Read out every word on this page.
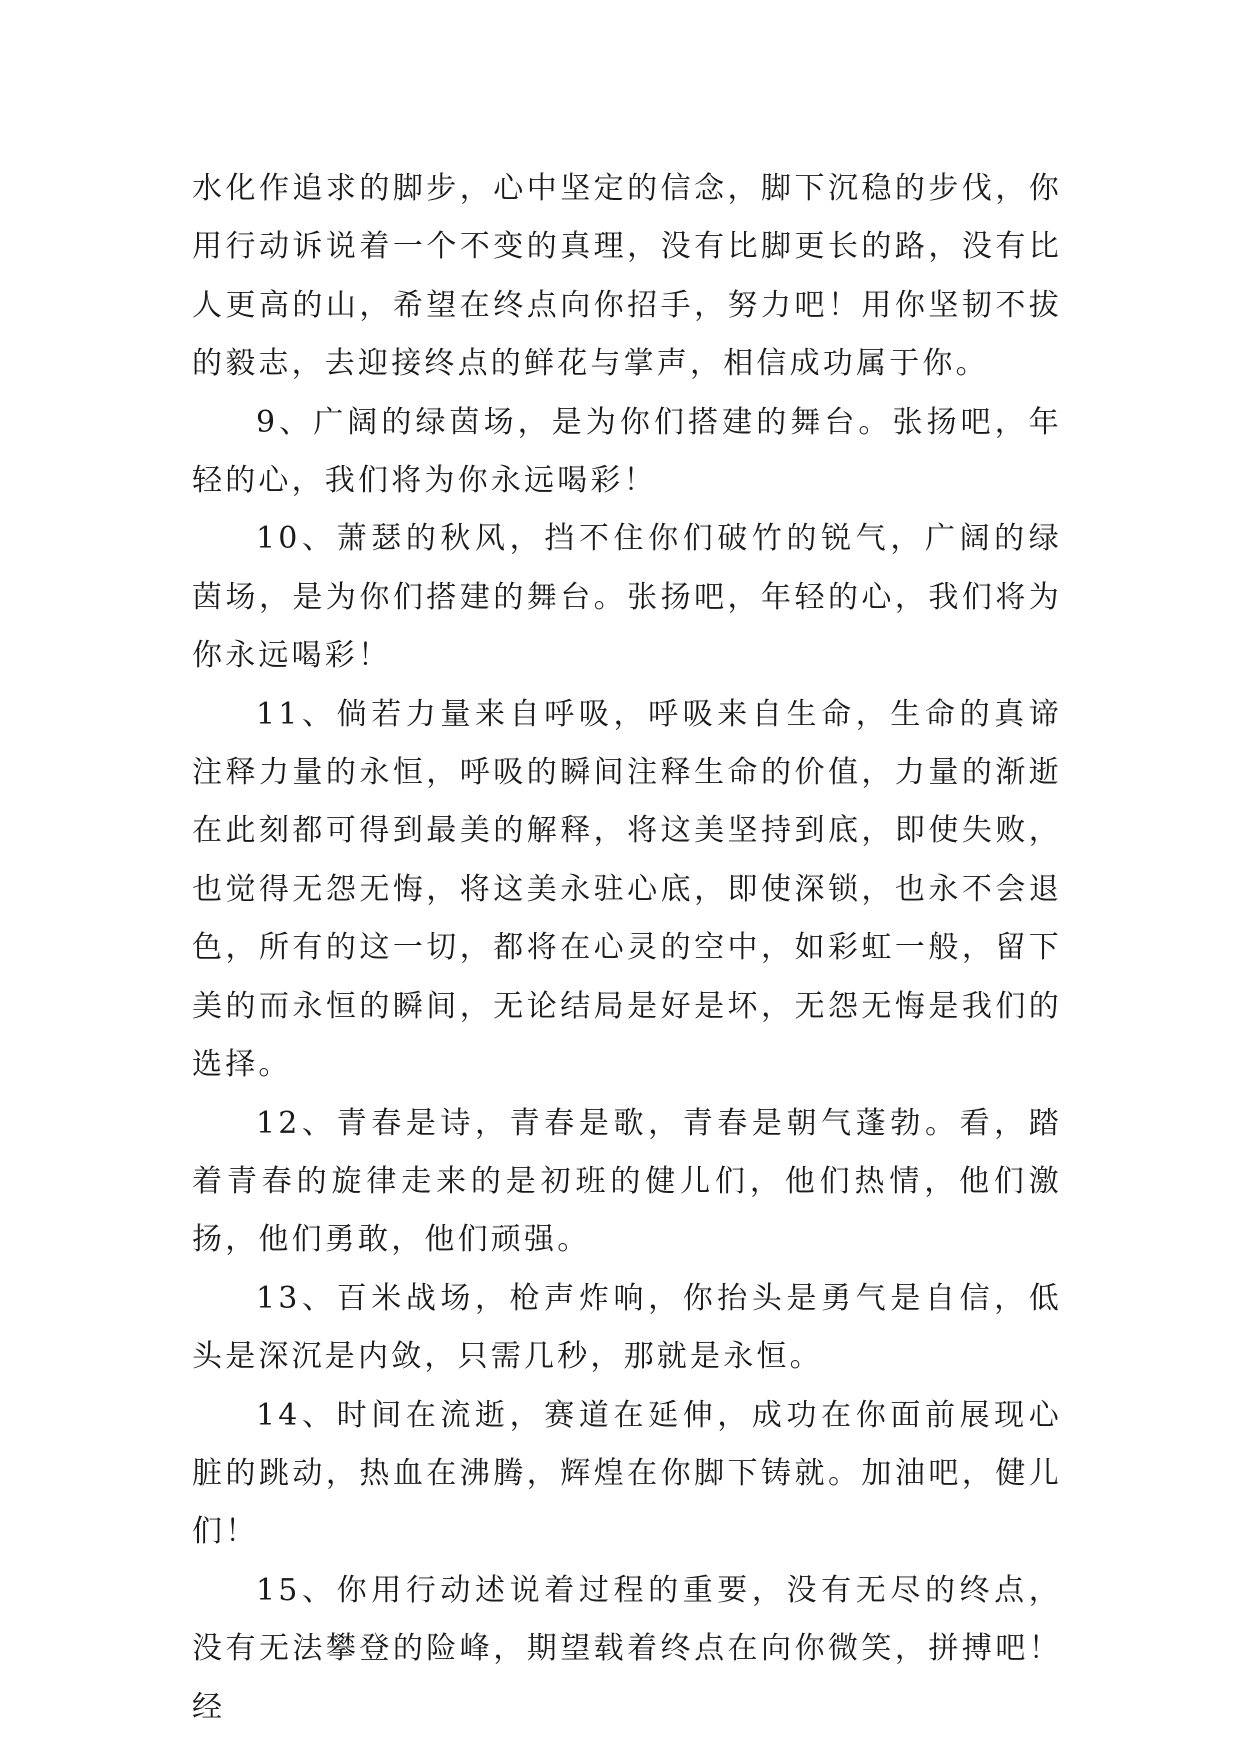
水化作追求的脚步，心中坚定的信念，脚下沉稳的步伐，你用行动诉说着一个不变的真理，没有比脚更长的路，没有比人更高的山，希望在终点向你招手，努力吧！用你坚韧不拔的毅志，去迎接终点的鲜花与掌声，相信成功属于你。

9、广阔的绿茵场，是为你们搭建的舞台。张扬吧，年轻的心，我们将为你永远喝彩！

10、萧瑟的秋风，挡不住你们破竹的锐气，广阔的绿茵场，是为你们搭建的舞台。张扬吧，年轻的心，我们将为你永远喝彩！

11、倘若力量来自呼吸，呼吸来自生命，生命的真谛注释力量的永恒，呼吸的瞬间注释生命的价值，力量的渐逝在此刻都可得到最美的解释，将这美坚持到底，即使失败，也觉得无怨无悔，将这美永驻心底，即使深锁，也永不会退色，所有的这一切，都将在心灵的空中，如彩虹一般，留下美的而永恒的瞬间，无论结局是好是坏，无怨无悔是我们的选择。

12、青春是诗，青春是歌，青春是朝气蓬勃。看，踏着青春的旋律走来的是初班的健儿们，他们热情，他们激扬，他们勇敢，他们顽强。

13、百米战场，枪声炸响，你抬头是勇气是自信，低头是深沉是内敛，只需几秒，那就是永恒。

14、时间在流逝，赛道在延伸，成功在你面前展现心脏的跳动，热血在沸腾，辉煌在你脚下铸就。加油吧，健儿们！

15、你用行动述说着过程的重要，没有无尽的终点，没有无法攀登的险峰，期望载着终点在向你微笑，拼搏吧！经
